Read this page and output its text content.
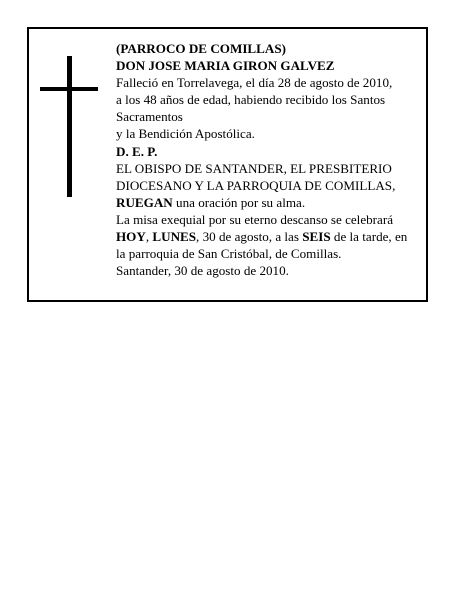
(PARROCO DE COMILLAS)
DON JOSE MARIA GIRON GALVEZ
Falleció en Torrelavega, el día 28 de agosto de 2010,
a los 48 años de edad, habiendo recibido los Santos
Sacramentos
y la Bendición Apostólica.
D. E. P.
EL OBISPO DE SANTANDER, EL PRESBITERIO
DIOCESANO Y LA PARROQUIA DE COMILLAS,
RUEGAN una oración por su alma.
La misa exequial por su eterno descanso se celebrará
HOY, LUNES, 30 de agosto, a las SEIS de la tarde, en
la parroquia de San Cristóbal, de Comillas.
Santander, 30 de agosto de 2010.
